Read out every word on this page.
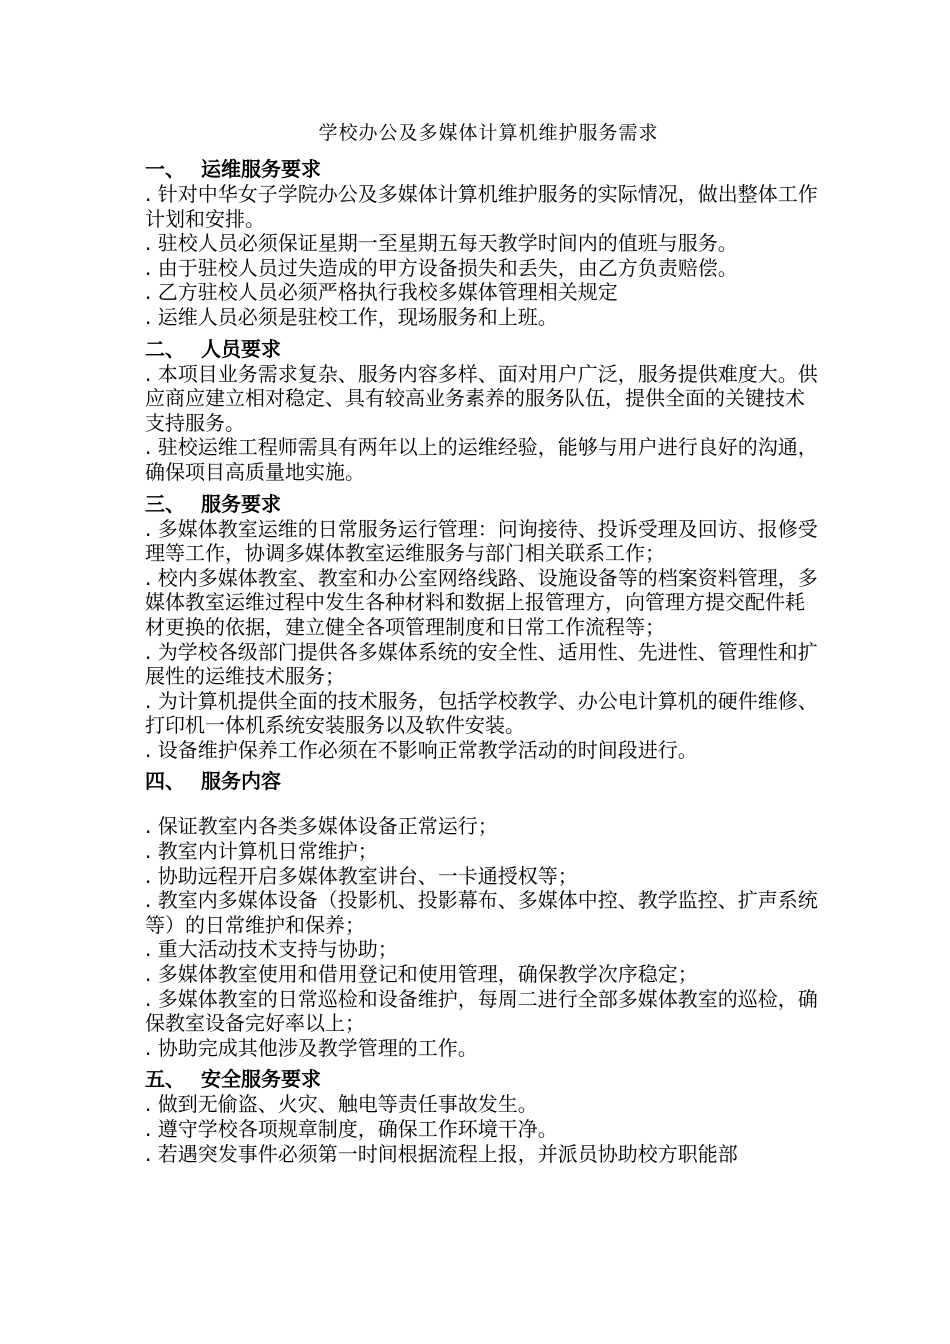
学校办公及多媒体计算机维护服务需求
一、 运维服务要求

. 针对中华女子学院办公及多媒体计算机维护服务的实际情况，做出整体工作计划和安排。

. 驻校人员必须保证星期一至星期五每天教学时间内的值班与服务。

. 由于驻校人员过失造成的甲方设备损失和丢失，由乙方负责赔偿。

. 乙方驻校人员必须严格执行我校多媒体管理相关规定

. 运维人员必须是驻校工作，现场服务和上班。

二、 人员要求

. 本项目业务需求复杂、服务内容多样、面对用户广泛，服务提供难度大。供应商应建立相对稳定、具有较高业务素养的服务队伍，提供全面的关键技术支持服务。

. 驻校运维工程师需具有两年以上的运维经验，能够与用户进行良好的沟通，确保项目高质量地实施。

三、 服务要求

. 多媒体教室运维的日常服务运行管理：问询接待、投诉受理及回访、报修受理等工作，协调多媒体教室运维服务与部门相关联系工作；

. 校内多媒体教室、教室和办公室网络线路、设施设备等的档案资料管理，多媒体教室运维过程中发生各种材料和数据上报管理方，向管理方提交配件耗材更换的依据，建立健全各项管理制度和日常工作流程等；

. 为学校各级部门提供各多媒体系统的安全性、适用性、先进性、管理性和扩展性的运维技术服务；

. 为计算机提供全面的技术服务，包括学校教学、办公电计算机的硬件维修、打印机一体机系统安装服务以及软件安装。

. 设备维护保养工作必须在不影响正常教学活动的时间段进行。

四、 服务内容

. 保证教室内各类多媒体设备正常运行；

. 教室内计算机日常维护；

. 协助远程开启多媒体教室讲台、一卡通授权等；

. 教室内多媒体设备（投影机、投影幕布、多媒体中控、教学监控、扩声系统等）的日常维护和保养；

. 重大活动技术支持与协助；

. 多媒体教室使用和借用登记和使用管理，确保教学次序稳定；

. 多媒体教室的日常巡检和设备维护，每周二进行全部多媒体教室的巡检，确保教室设备完好率以上；

. 协助完成其他涉及教学管理的工作。

五、 安全服务要求

. 做到无偷盗、火灾、触电等责任事故发生。

. 遵守学校各项规章制度，确保工作环境干净。

. 若遇突发事件必须第一时间根据流程上报，并派员协助校方职能部
